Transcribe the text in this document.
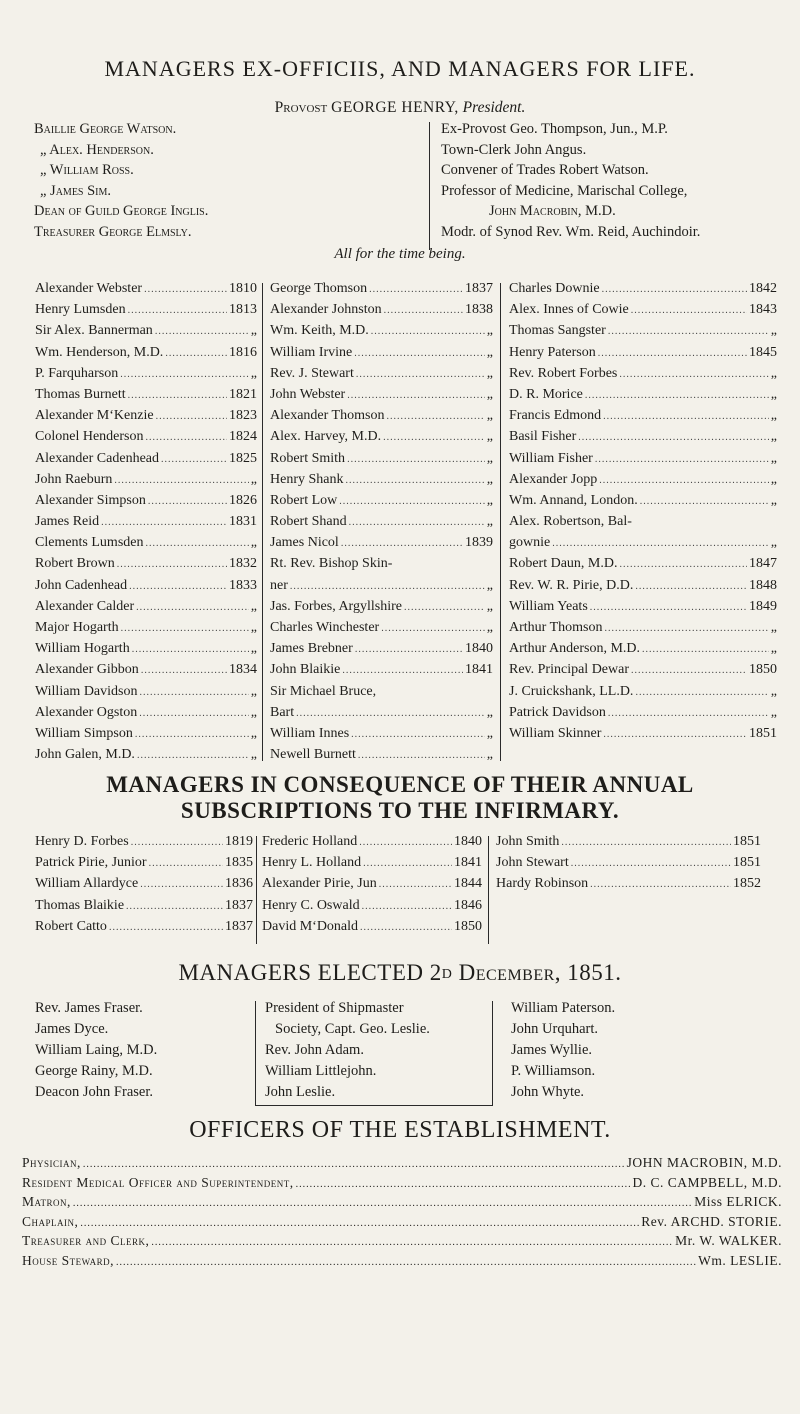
MANAGERS EX-OFFICIIS, AND MANAGERS FOR LIFE.
Provost GEORGE HENRY, President.
Baillie George Watson.
„ Alex. Henderson.
„ William Ross.
„ James Sim.
Dean of Guild George Inglis.
Treasurer George Elmsly.
Ex-Provost Geo. Thompson, Jun., M.P.
Town-Clerk John Angus.
Convener of Trades Robert Watson.
Professor of Medicine, Marischal College,
John Macrobin, M.D.
Modr. of Synod Rev. Wm. Reid, Auchindoir.
All for the time being.
Alexander Webster .....	1810
Henry Lumsden .....	1813
Sir Alex. Bannerman .....	„
Wm. Henderson, M.D. .....	1816
P. Farquharson .....	„
Thomas Burnett .....	1821
Alexander M‘Kenzie .....	1823
Colonel Henderson .....	1824
Alexander Cadenhead .....	1825
John Raeburn .....	„
Alexander Simpson .....	1826
James Reid .....	1831
Clements Lumsden .....	„
Robert Brown .....	1832
John Cadenhead .....	1833
Alexander Calder .....	„
Major Hogarth .....	„
William Hogarth .....	„
Alexander Gibbon .....	1834
William Davidson .....	„
Alexander Ogston .....	„
William Simpson .....	„
John Galen, M.D. .....	„
George Thomson .....	1837
Alexander Johnston .....	1838
Wm. Keith, M.D. .....	„
William Irvine .....	„
Rev. J. Stewart .....	„
John Webster .....	„
Alexander Thomson .....	„
Alex. Harvey, M.D. .....	„
Robert Smith .....	„
Henry Shank .....	„
Robert Low .....	„
Robert Shand .....	„
James Nicol .....	1839
Rt. Rev. Bishop Skin-
ner .....	„
Jas. Forbes, Argyllshire .....	„
Charles Winchester .....	„
James Brebner .....	1840
John Blaikie .....	1841
Sir Michael Bruce,
Bart .....	„
William Innes .....	„
Newell Burnett .....	„
Charles Downie .....	1842
Alex. Innes of Cowie .....	1843
Thomas Sangster .....	„
Henry Paterson .....	1845
Rev. Robert Forbes .....	„
D. R. Morice .....	„
Francis Edmond .....	„
Basil Fisher .....	„
William Fisher .....	„
Alexander Jopp .....	„
Wm. Annand, London. .....	„
Alex. Robertson, Bal-
gownie .....	„
Robert Daun, M.D. .....	1847
Rev. W. R. Pirie, D.D. .....	1848
William Yeats .....	1849
Arthur Thomson .....	„
Arthur Anderson, M.D. .....	„
Rev. Principal Dewar .....	1850
J. Cruickshank, LL.D. .....	„
Patrick Davidson .....	„
William Skinner .....	1851
MANAGERS IN CONSEQUENCE OF THEIR ANNUAL
SUBSCRIPTIONS TO THE INFIRMARY.
Henry D. Forbes .....	1819
Patrick Pirie, Junior .....	1835
William Allardyce .....	1836
Thomas Blaikie .....	1837
Robert Catto .....	1837
Frederic Holland .....	1840
Henry L. Holland .....	1841
Alexander Pirie, Jun .....	1844
Henry C. Oswald .....	1846
David M‘Donald .....	1850
John Smith .....	1851
John Stewart .....	1851
Hardy Robinson .....	1852
MANAGERS ELECTED 2D December, 1851.
Rev. James Fraser.
James Dyce.
William Laing, M.D.
George Rainy, M.D.
Deacon John Fraser.
President of Shipmaster
Society, Capt. Geo. Leslie.
Rev. John Adam.
William Littlejohn.
John Leslie.
William Paterson.
John Urquhart.
James Wyllie.
P. Williamson.
John Whyte.
OFFICERS OF THE ESTABLISHMENT.
Physician, .....	JOHN MACROBIN, M.D.
Resident Medical Officer and Superintendent, .....	D. C. CAMPBELL, M.D.
Matron, .....	Miss ELRICK.
Chaplain, .....	Rev. ARCHD. STORIE.
Treasurer and Clerk, .....	Mr. W. WALKER.
House Steward, .....	Wm. LESLIE.
